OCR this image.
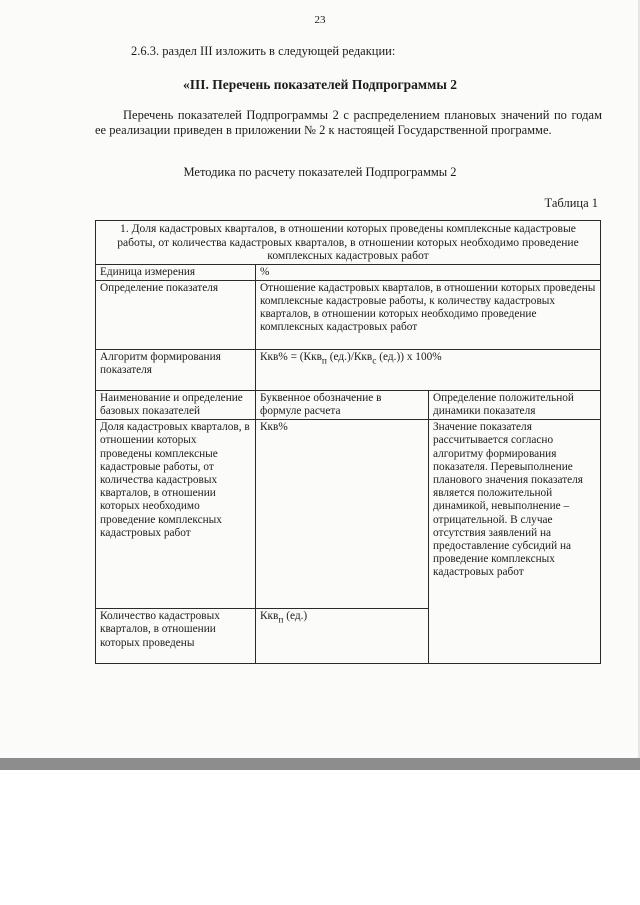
23
2.6.3. раздел III изложить в следующей редакции:
«III. Перечень показателей Подпрограммы 2
Перечень показателей Подпрограммы 2 с распределением плановых значений по годам ее реализации приведен в приложении № 2 к настоящей Государственной программе.
Методика по расчету показателей Подпрограммы 2
Таблица 1
1. Доля кадастровых кварталов, в отношении которых проведены комплексные кадастровые работы, от количества кадастровых кварталов, в отношении которых необходимо проведение комплексных кадастровых работ		
Единица измерения	%	
Определение показателя	Отношение кадастровых кварталов, в отношении которых проведены комплексные кадастровые работы, к количеству кадастровых кварталов, в отношении которых необходимо проведение комплексных кадастровых работ	
Алгоритм формирования показателя	Ккв% = (Ккв$_п$ (ед.)/Ккв$_с$ (ед.)) x 100%	
Наименование и определение базовых показателей	Буквенное обозначение в формуле расчета	Определение положительной динамики показателя
Доля кадастровых кварталов, в отношении которых проведены комплексные кадастровые работы, от количества кадастровых кварталов, в отношении которых необходимо проведение комплексных кадастровых работ	Ккв%	Значение показателя рассчитывается согласно алгоритму формирования показателя. Перевыполнение планового значения показателя является положительной динамикой, невыполнение – отрицательной. В случае отсутствия заявлений на предоставление субсидий на проведение комплексных кадастровых работ
Количество кадастровых кварталов, в отношении которых проведены	Ккв$_п$ (ед.)	
